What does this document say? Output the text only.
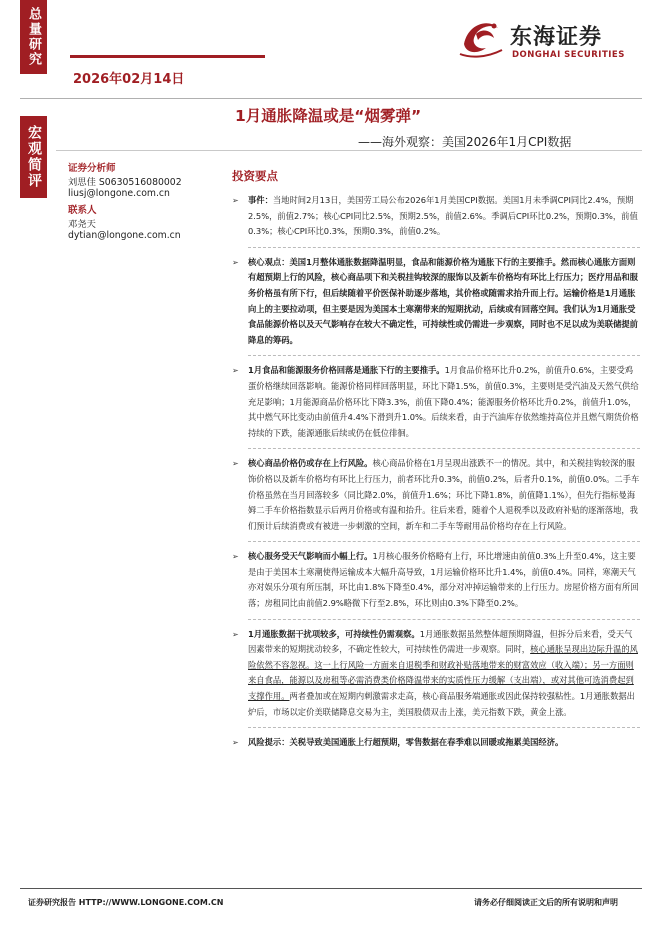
总量研究
宏观简评
2026年02月14日
东海证券
DONGHAI SECURITIES
1月通胀降温或是“烟雾弹”
——海外观察：美国2026年1月CPI数据
证券分析师
刘思佳 S0630516080002
liusj@longone.com.cn
联系人
邓尧天
dytian@longone.com.cn
投资要点
➢ 事件：当地时间2月13日，美国劳工局公布2026年1月美国CPI数据。美国1月未季调CPI同比2.4%，预期2.5%，前值2.7%；核心CPI同比2.5%，预期2.5%，前值2.6%。季调后CPI环比0.2%，预期0.3%，前值0.3%；核心CPI环比0.3%，预期0.3%，前值0.2%。
➢ 核心观点：美国1月整体通胀数据降温明显，食品和能源价格为通胀下行的主要推手。然而核心通胀方面则有超预期上行的风险，核心商品项下和关税挂钩较深的服饰以及新车价格均有环比上行压力；医疗用品和服务价格虽有所下行，但后续随着平价医保补助逐步落地，其价格或随需求抬升而上行。运输价格是1月通胀向上的主要拉动项，但主要是因为美国本土寒潮带来的短期扰动，后续或有回落空间。我们认为1月通胀受食品能源价格以及天气影响存在较大不确定性，可持续性或仍需进一步观察，同时也不足以成为美联储提前降息的筹码。
➢ 1月食品和能源服务价格回落是通胀下行的主要推手。1月食品价格环比升0.2%，前值升0.6%，主要受鸡蛋价格继续回落影响。能源价格同样回落明显，环比下降1.5%，前值0.3%，主要则是受汽油及天然气供给充足影响；1月能源商品价格环比下降3.3%，前值下降0.4%；能源服务价格环比升0.2%，前值升1.0%，其中燃气环比变动由前值升4.4%下滑到升1.0%。后续来看，由于汽油库存依然维持高位并且燃气期货价格持续的下跌，能源通胀后续或仍在低位徘徊。
➢ 核心商品价格仍或存在上行风险。核心商品价格在1月呈现出涨跌不一的情况。其中，和关税挂钩较深的服饰价格以及新车价格均有环比上行压力，前者环比升0.3%，前值0.2%，后者升0.1%，前值0.0%。二手车价格虽然在当月回落较多（同比降2.0%，前值升1.6%；环比下降1.8%，前值降1.1%），但先行指标曼海姆二手车价格指数显示后两月价格或有温和抬升。往后来看，随着个人退税季以及政府补贴的逐渐落地，我们预计后续消费或有被进一步刺激的空间，新车和二手车等耐用品价格均存在上行风险。
➢ 核心服务受天气影响而小幅上行。1月核心服务价格略有上行，环比增速由前值0.3%上升至0.4%，这主要是由于美国本土寒潮使得运输成本大幅升高导致，1月运输价格环比升1.4%，前值0.4%。同样，寒潮天气亦对娱乐分项有所压制，环比由1.8%下降至0.4%，部分对冲掉运输带来的上行压力。房屋价格方面有所回落；房租同比由前值2.9%略微下行至2.8%，环比则由0.3%下降至0.2%。
➢ 1月通胀数据干扰项较多，可持续性仍需观察。1月通胀数据虽然整体超预期降温，但拆分后来看，受天气因素带来的短期扰动较多，不确定性较大，可持续性仍需进一步观察。同时，核心通胀呈现出边际升温的风险依然不容忽视。这一上行风险一方面来自退税季和财政补贴落地带来的财富效应（收入端）；另一方面则来自食品，能源以及房租等必需消费类价格降温带来的实质性压力缓解（支出端），或对其他可选消费起到支撑作用。两者叠加或在短期内刺激需求走高，核心商品服务端通胀或因此保持较强粘性。1月通胀数据出炉后，市场以定价美联储降息交易为主，美国股债双击上涨，美元指数下跌，黄金上涨。
➢ 风险提示：关税导致美国通胀上行超预期，零售数据在春季难以回暖或拖累美国经济。
证券研究报告 HTTP://WWW.LONGONE.COM.CN	请务必仔细阅读正文后的所有说明和声明
